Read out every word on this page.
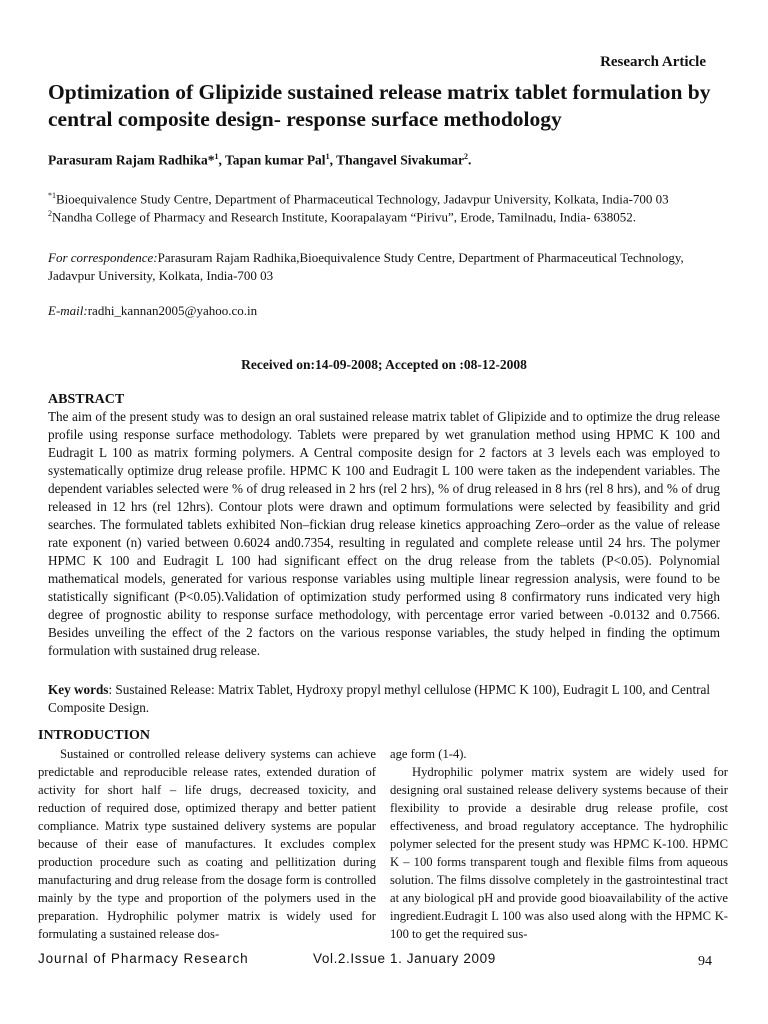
Research Article
Optimization of Glipizide sustained release matrix tablet formulation by central composite design- response surface methodology
Parasuram Rajam Radhika*$^1$, Tapan kumar Pal$^1$, Thangavel Sivakumar$^2$.
$^{*1}$Bioequivalence Study Centre, Department of Pharmaceutical Technology, Jadavpur University, Kolkata, India-700 03
$^2$Nandha College of Pharmacy and Research Institute, Koorapalayam “Pirivu”, Erode, Tamilnadu, India- 638052.
For correspondence:Parasuram Rajam Radhika,Bioequivalence Study Centre, Department of Pharmaceutical Technology, Jadavpur University, Kolkata, India-700 03
E-mail:radhi_kannan2005@yahoo.co.in
Received on:14-09-2008; Accepted on :08-12-2008
ABSTRACT
The aim of the present study was to design an oral sustained release matrix tablet of Glipizide and to optimize the drug release profile using response surface methodology. Tablets were prepared by wet granulation method using HPMC K 100 and Eudragit L 100 as matrix forming polymers. A Central composite design for 2 factors at 3 levels each was employed to systematically optimize drug release profile. HPMC K 100 and Eudragit L 100 were taken as the independent variables. The dependent variables selected were % of drug released in 2 hrs (rel 2 hrs), % of drug released in 8 hrs (rel 8 hrs), and % of drug released in 12 hrs (rel 12hrs). Contour plots were drawn and optimum formulations were selected by feasibility and grid searches. The formulated tablets exhibited Non–fickian drug release kinetics approaching Zero–order as the value of release rate exponent (n) varied between 0.6024 and0.7354, resulting in regulated and complete release until 24 hrs. The polymer HPMC K 100 and Eudragit L 100 had significant effect on the drug release from the tablets (P<0.05). Polynomial mathematical models, generated for various response variables using multiple linear regression analysis, were found to be statistically significant (P<0.05).Validation of optimization study performed using 8 confirmatory runs indicated very high degree of prognostic ability to response surface methodology, with percentage error varied between -0.0132 and 0.7566. Besides unveiling the effect of the 2 factors on the various response variables, the study helped in finding the optimum formulation with sustained drug release.
Key words: Sustained Release: Matrix Tablet, Hydroxy propyl methyl cellulose (HPMC K 100), Eudragit L 100, and Central Composite Design.
INTRODUCTION

Sustained or controlled release delivery systems can achieve predictable and reproducible release rates, extended duration of activity for short half – life drugs, decreased toxicity, and reduction of required dose, optimized therapy and better patient compliance. Matrix type sustained delivery systems are popular because of their ease of manufactures. It excludes complex production procedure such as coating and pellitization during manufacturing and drug release from the dosage form is controlled mainly by the type and proportion of the polymers used in the preparation. Hydrophilic polymer matrix is widely used for formulating a sustained release dos-

age form (1-4).

Hydrophilic polymer matrix system are widely used for designing oral sustained release delivery systems because of their flexibility to provide a desirable drug release profile, cost effectiveness, and broad regulatory acceptance. The hydrophilic polymer selected for the present study was HPMC K-100. HPMC K – 100 forms transparent tough and flexible films from aqueous solution. The films dissolve completely in the gastrointestinal tract at any biological pH and provide good bioavailability of the active ingredient.Eudragit L 100 was also used along with the HPMC K-100 to get the required sus-

Journal of Pharmacy Research	Vol.2.Issue 1. January 2009	94
